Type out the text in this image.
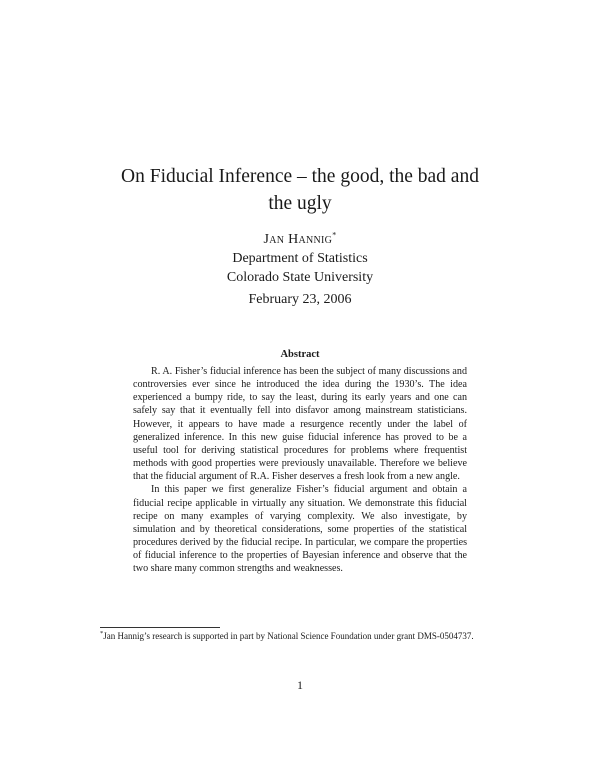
On Fiducial Inference – the good, the bad and
the ugly
Jan Hannig*
Department of Statistics
Colorado State University
February 23, 2006
Abstract

R. A. Fisher’s fiducial inference has been the subject of many discussions and controversies ever since he introduced the idea during the 1930’s. The idea experienced a bumpy ride, to say the least, during its early years and one can safely say that it eventually fell into disfavor among mainstream statisticians. However, it appears to have made a resurgence recently under the label of generalized inference. In this new guise fiducial inference has proved to be a useful tool for deriving statistical procedures for problems where frequentist methods with good properties were previously unavailable. Therefore we believe that the fiducial argument of R.A. Fisher deserves a fresh look from a new angle.

In this paper we first generalize Fisher’s fiducial argument and obtain a fiducial recipe applicable in virtually any situation. We demonstrate this fiducial recipe on many examples of varying complexity. We also investigate, by simulation and by theoretical considerations, some properties of the statistical procedures derived by the fiducial recipe. In particular, we compare the properties of fiducial inference to the properties of Bayesian inference and observe that the two share many common strengths and weaknesses.

*Jan Hannig’s research is supported in part by National Science Foundation under grant DMS-0504737.
1
